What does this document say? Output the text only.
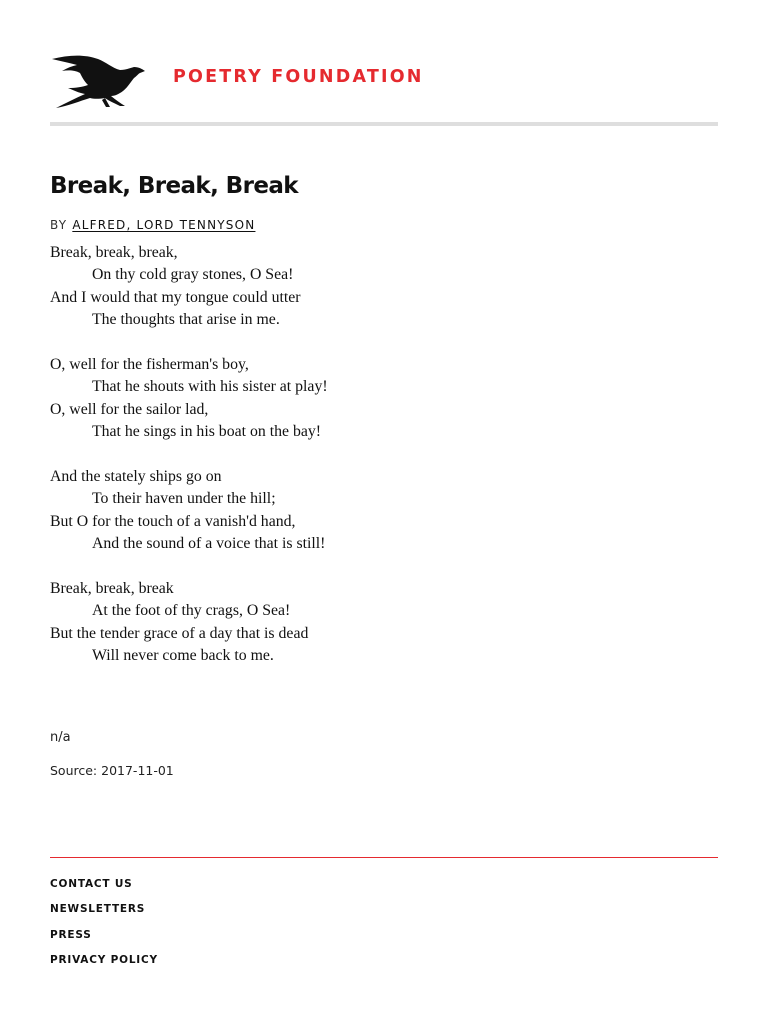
POETRY FOUNDATION
Break, Break, Break
BY ALFRED, LORD TENNYSON
Break, break, break,
On thy cold gray stones, O Sea!
And I would that my tongue could utter
The thoughts that arise in me.
O, well for the fisherman's boy,
That he shouts with his sister at play!
O, well for the sailor lad,
That he sings in his boat on the bay!
And the stately ships go on
To their haven under the hill;
But O for the touch of a vanish'd hand,
And the sound of a voice that is still!
Break, break, break
At the foot of thy crags, O Sea!
But the tender grace of a day that is dead
Will never come back to me.

n/a

Source: 2017-11-01

CONTACT US
NEWSLETTERS
PRESS
PRIVACY POLICY
